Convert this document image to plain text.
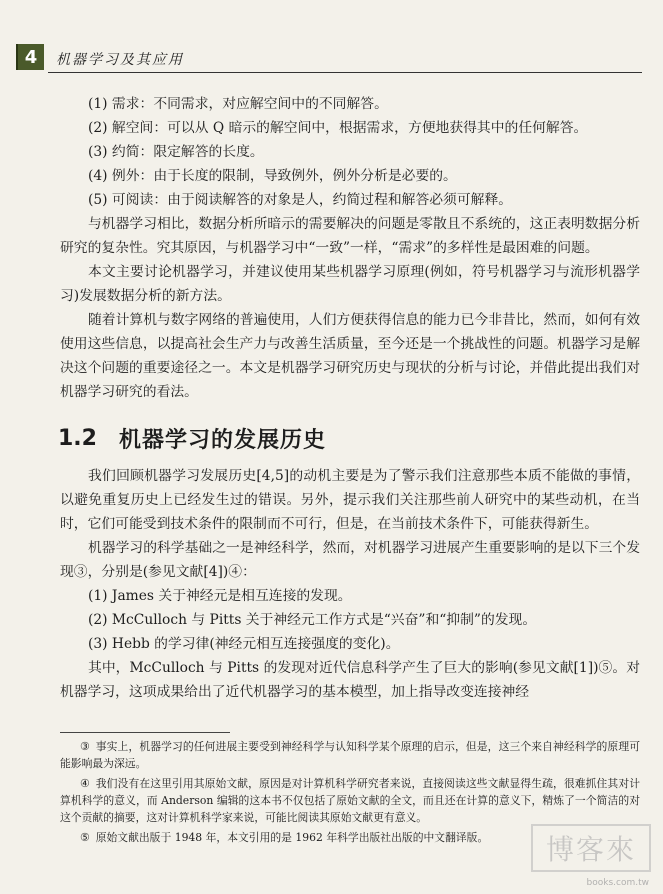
4	机器学习及其应用
(1) 需求：不同需求，对应解空间中的不同解答。
(2) 解空间：可以从 Q 暗示的解空间中，根据需求，方便地获得其中的任何解答。
(3) 约简：限定解答的长度。
(4) 例外：由于长度的限制，导致例外，例外分析是必要的。
(5) 可阅读：由于阅读解答的对象是人，约简过程和解答必须可解释。

与机器学习相比，数据分析所暗示的需要解决的问题是零散且不系统的，这正表明数据分析研究的复杂性。究其原因，与机器学习中“一致”一样，“需求”的多样性是最困难的问题。

本文主要讨论机器学习，并建议使用某些机器学习原理(例如，符号机器学习与流形机器学习)发展数据分析的新方法。

随着计算机与数字网络的普遍使用，人们方便获得信息的能力已今非昔比，然而，如何有效使用这些信息，以提高社会生产力与改善生活质量，至今还是一个挑战性的问题。机器学习是解决这个问题的重要途径之一。本文是机器学习研究历史与现状的分析与讨论，并借此提出我们对机器学习研究的看法。

1.2 机器学习的发展历史

我们回顾机器学习发展历史[4,5]的动机主要是为了警示我们注意那些本质不能做的事情，以避免重复历史上已经发生过的错误。另外，提示我们关注那些前人研究中的某些动机，在当时，它们可能受到技术条件的限制而不可行，但是，在当前技术条件下，可能获得新生。

机器学习的科学基础之一是神经科学，然而，对机器学习进展产生重要影响的是以下三个发现③，分别是(参见文献[4])④：

(1) James 关于神经元是相互连接的发现。
(2) McCulloch 与 Pitts 关于神经元工作方式是“兴奋”和“抑制”的发现。
(3) Hebb 的学习律(神经元相互连接强度的变化)。

其中，McCulloch 与 Pitts 的发现对近代信息科学产生了巨大的影响(参见文献[1])⑤。对机器学习，这项成果给出了近代机器学习的基本模型，加上指导改变连接神经

③ 事实上，机器学习的任何进展主要受到神经科学与认知科学某个原理的启示，但是，这三个来自神经科学的原理可能影响最为深远。

④ 我们没有在这里引用其原始文献，原因是对计算机科学研究者来说，直接阅读这些文献显得生疏，很难抓住其对计算机科学的意义，而 Anderson 编辑的这本书不仅包括了原始文献的全文，而且还在计算的意义下，精炼了一个简洁的对这个贡献的摘要，这对计算机科学家来说，可能比阅读其原始文献更有意义。

⑤ 原始文献出版于 1948 年，本文引用的是 1962 年科学出版社出版的中文翻译版。	博客來
books.com.tw
